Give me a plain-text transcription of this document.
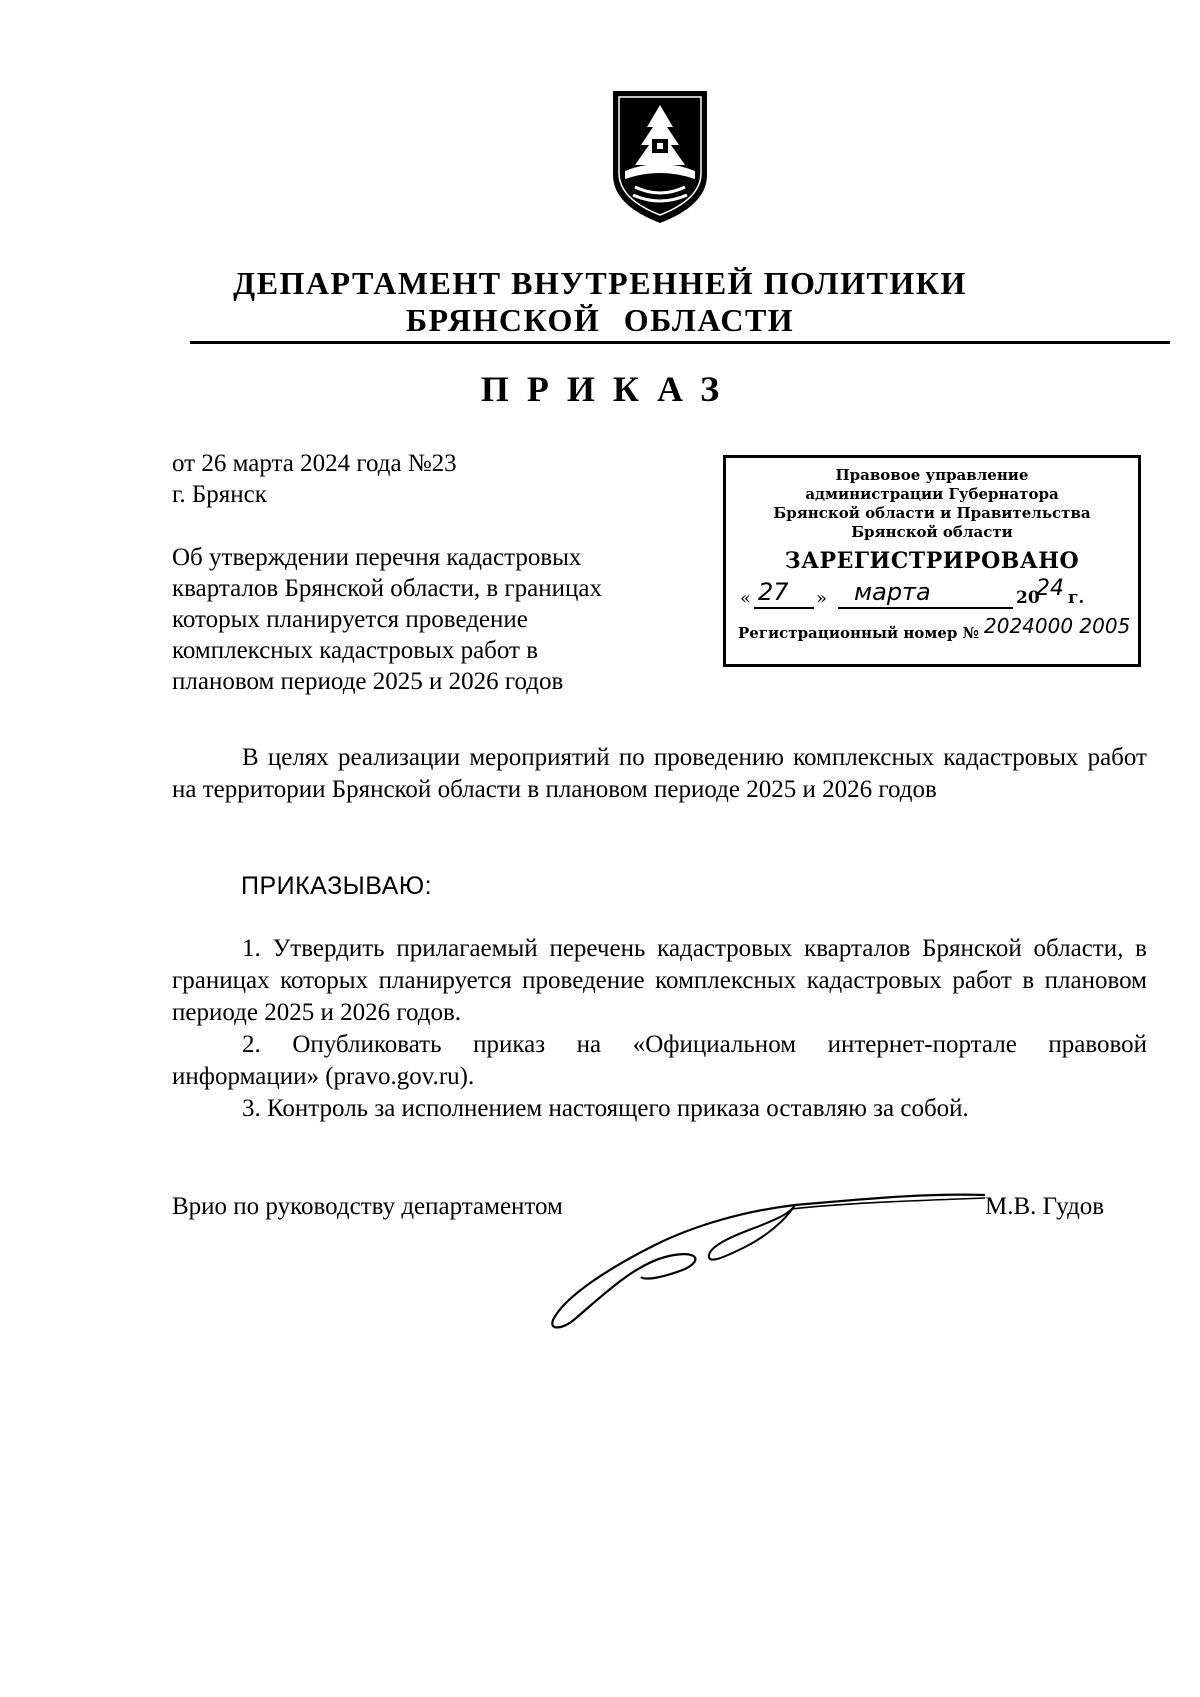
ДЕПАРТАМЕНТ ВНУТРЕННЕЙ ПОЛИТИКИ
БРЯНСКОЙ ОБЛАСТИ
ПРИКАЗ
от 26 марта 2024 года №23
г. Брянск
Об утверждении перечня кадастровых
кварталов Брянской области, в границах
которых планируется проведение
комплексных кадастровых работ в
плановом периоде 2025 и 2026 годов
Правовое управление
администрации Губернатора
Брянской области и Правительства
Брянской области
ЗАРЕГИСТРИРОВАНО
« 27 » марта	20
24 г.
Регистрационный номер № 2024000 2005
В целях реализации мероприятий по проведению комплексных кадастровых работ на территории Брянской области в плановом периоде 2025 и 2026 годов
ПРИКАЗЫВАЮ:

1. Утвердить прилагаемый перечень кадастровых кварталов Брянской области, в границах которых планируется проведение комплексных кадастровых работ в плановом периоде 2025 и 2026 годов.

2. Опубликовать приказ на «Официальном интернет-портале правовой информации» (pravo.gov.ru).

3. Контроль за исполнением настоящего приказа оставляю за собой.

Врио по руководству департаментом	М.В. Гудов
